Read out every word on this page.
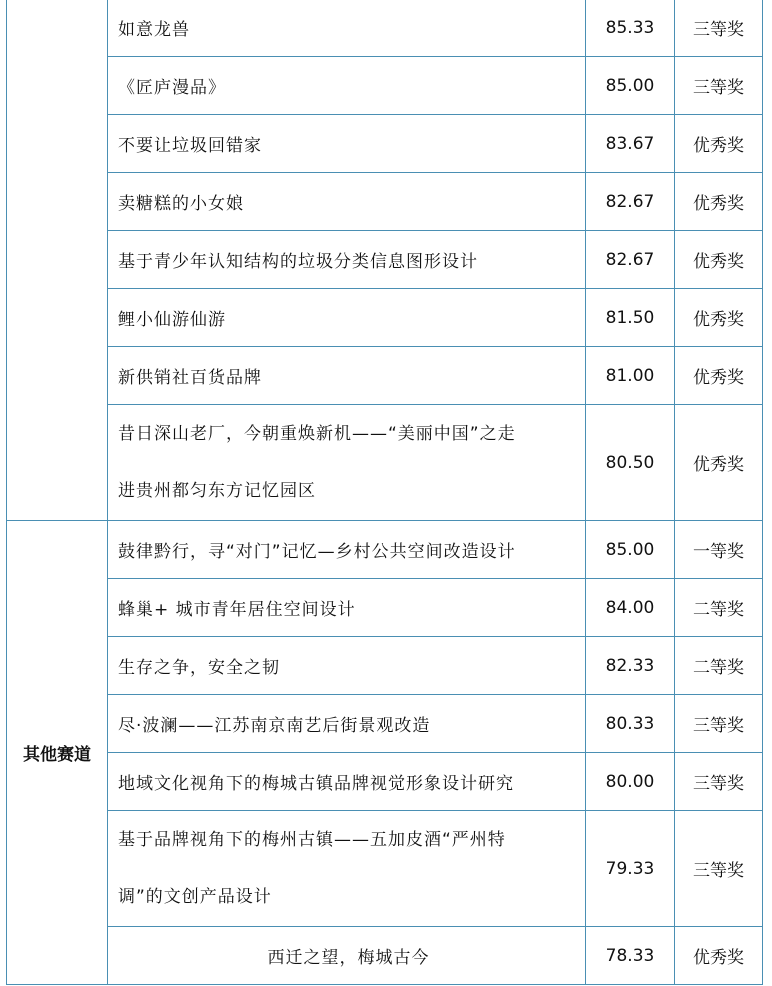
	如意龙兽	85.33	三等奖
	《匠庐漫品》	85.00	三等奖
	不要让垃圾回错家	83.67	优秀奖
	卖糖糕的小女娘	82.67	优秀奖
	基于青少年认知结构的垃圾分类信息图形设计	82.67	优秀奖
	鲤小仙游仙游	81.50	优秀奖
	新供销社百货品牌	81.00	优秀奖
	昔日深山老厂，今朝重焕新机——“美丽中国”之走
进贵州都匀东方记忆园区	80.50	优秀奖
其他赛道	鼓律黔行，寻“对门”记忆—乡村公共空间改造设计	85.00	一等奖
	蜂巢+ 城市青年居住空间设计	84.00	二等奖
	生存之争，安全之韧	82.33	二等奖
	尽·波澜——江苏南京南艺后街景观改造	80.33	三等奖
	地域文化视角下的梅城古镇品牌视觉形象设计研究	80.00	三等奖
	基于品牌视角下的梅州古镇——五加皮酒“严州特
调”的文创产品设计	79.33	三等奖
	西迁之望，梅城古今	78.33	优秀奖
